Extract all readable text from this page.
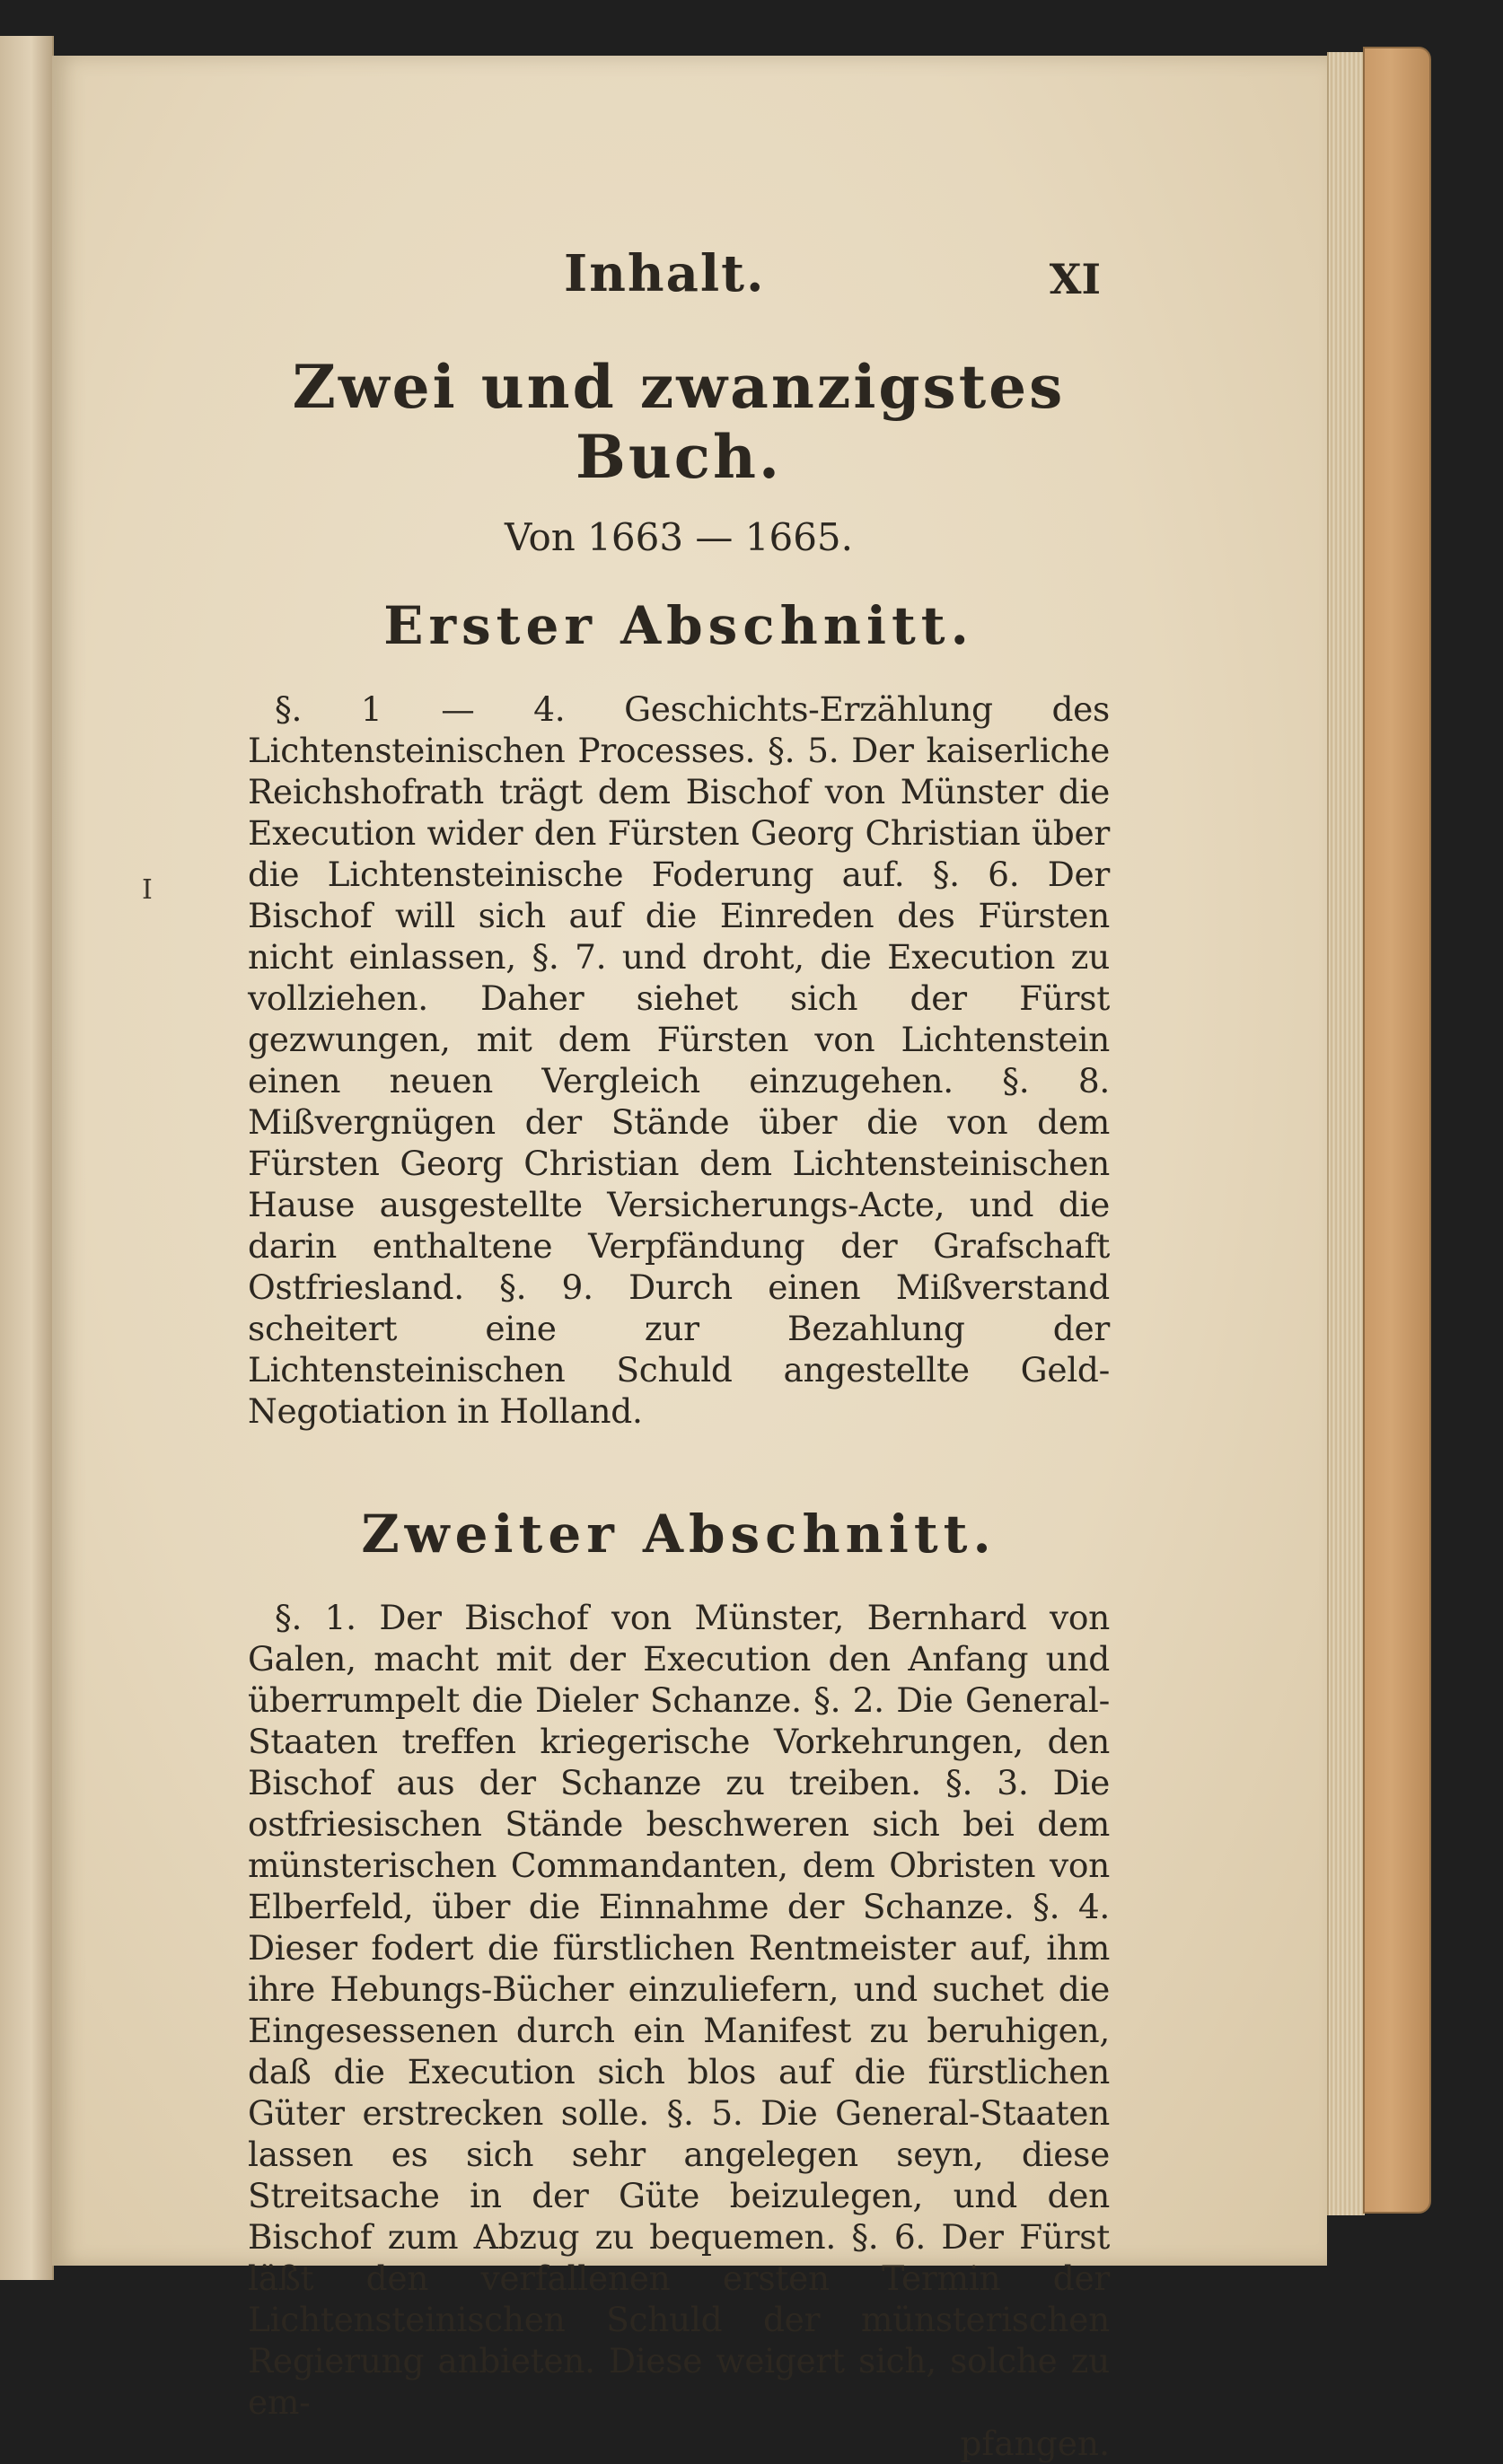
I
Inhalt.	XI
Zwei und zwanzigstes Buch.
Von 1663 — 1665.
Erster Abschnitt.

§. 1 — 4. Geschichts-Erzählung des Lichtensteinischen Processes. §. 5. Der kaiserliche Reichshofrath trägt dem Bischof von Münster die Execution wider den Fürsten Georg Christian über die Lichtensteinische Foderung auf. §. 6. Der Bischof will sich auf die Einreden des Fürsten nicht einlassen, §. 7. und droht, die Execution zu vollziehen. Daher siehet sich der Fürst gezwungen, mit dem Fürsten von Lichtenstein einen neuen Vergleich einzugehen. §. 8. Mißvergnügen der Stände über die von dem Fürsten Georg Christian dem Lichtensteinischen Hause ausgestellte Versicherungs-Acte, und die darin enthaltene Verpfändung der Grafschaft Ostfriesland. §. 9. Durch einen Mißverstand scheitert eine zur Bezahlung der Lichtensteinischen Schuld angestellte Geld-Negotiation in Holland.

Zweiter Abschnitt.

§. 1. Der Bischof von Münster, Bernhard von Galen, macht mit der Execution den Anfang und überrumpelt die Dieler Schanze. §. 2. Die General-Staaten treffen kriegerische Vorkehrungen, den Bischof aus der Schanze zu treiben. §. 3. Die ostfriesischen Stände beschweren sich bei dem münsterischen Commandanten, dem Obristen von Elberfeld, über die Einnahme der Schanze. §. 4. Dieser fodert die fürstlichen Rentmeister auf, ihm ihre Hebungs-Bücher einzuliefern, und suchet die Eingesessenen durch ein Manifest zu beruhigen, daß die Execution sich blos auf die fürstlichen Güter erstrecken solle. §. 5. Die General-Staaten lassen es sich sehr angelegen seyn, diese Streitsache in der Güte beizulegen, und den Bischof zum Abzug zu bequemen. §. 6. Der Fürst läßt den verfallenen ersten Termin der Lichtensteinischen Schuld der münsterischen Regierung anbieten. Diese weigert sich, solche zu em-

pfangen.
